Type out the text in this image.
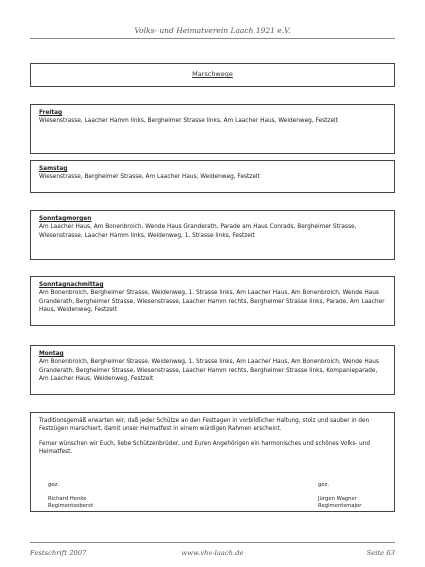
Volks- und Heimatverein Laach 1921 e.V.
Marschwege
Freitag
Wiesenstrasse, Laacher Hamm links, Bergheimer Strasse links, Am Laacher Haus, Weidenweg, Festzelt
Samstag
Wiesenstrasse, Bergheimer Strasse, Am Laacher Haus, Weidenweg, Festzelt
Sonntagmorgen
Am Laacher Haus, Am Bonenbroich, Wende Haus Granderath, Parade am Haus Conrads, Bergheimer Strasse, Wiesenstrasse, Laacher Hamm links, Weidenweg, 1. Strasse links, Festzelt
Sonntagnachmittag
Am Bonenbroich, Bergheimer Strasse, Weidenweg, 1. Strasse links, Am Laacher Haus, Am Bonenbroich, Wende Haus Granderath, Bergheimer Strasse, Wiesenstrasse, Laacher Hamm rechts, Bergheimer Strasse links, Parade, Am Laacher Haus, Weidenweg, Festzelt
Montag
Am Bonenbroich, Bergheimer Strasse, Weidenweg, 1. Strasse links, Am Laacher Haus, Am Bonenbroich, Wende Haus Granderath, Bergheimer Strasse, Wiesenstrasse, Laacher Hamm rechts, Bergheimer Strasse links, Kompanieparade, Am Laacher Haus, Weidenweg, Festzelt

Traditionsgemäß erwarten wir, daß jeder Schütze an den Festtagen in vorbildlicher Haltung, stolz und sauber in den Festzügen marschiert, damit unser Heimatfest in einem würdigen Rahmen erscheint.

Ferner wünschen wir Euch, liebe Schützenbrüder, und Euren Angehörigen ein harmonisches und schönes Volks- und Heimatfest.

gez.
Richard Henke
Regimentsoberst
gez.
Jürgen Wagner
Regimentsmajor
Festschrift 2007	www.vhv-laach.de	Seite 63
